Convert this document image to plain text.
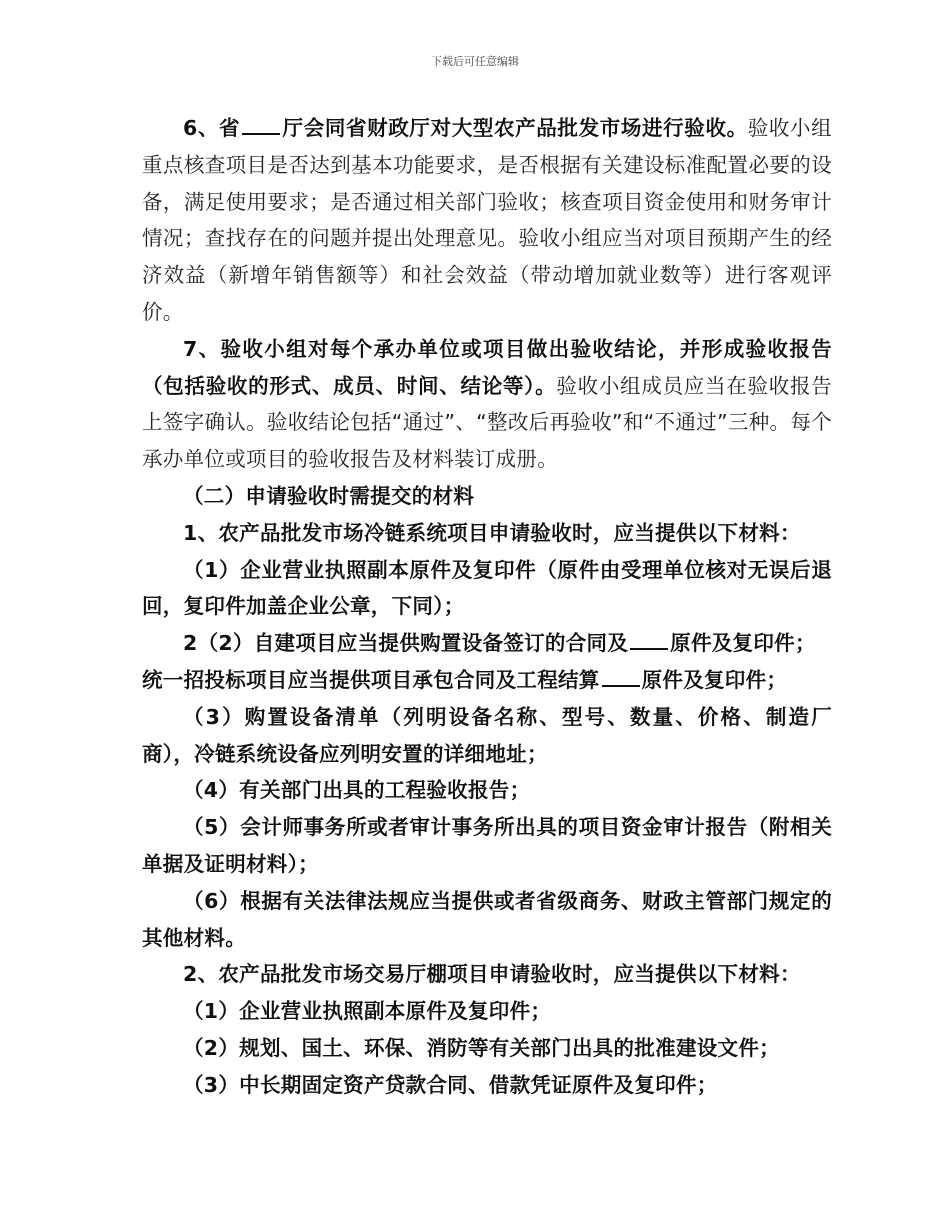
下载后可任意编辑

6、省 厅会同省财政厅对大型农产品批发市场进行验收。验收小组重点核查项目是否达到基本功能要求，是否根据有关建设标准配置必要的设备，满足使用要求；是否通过相关部门验收；核查项目资金使用和财务审计情况；查找存在的问题并提出处理意见。验收小组应当对项目预期产生的经济效益（新增年销售额等）和社会效益（带动增加就业数等）进行客观评价。

7、验收小组对每个承办单位或项目做出验收结论，并形成验收报告（包括验收的形式、成员、时间、结论等）。验收小组成员应当在验收报告上签字确认。验收结论包括“通过”、“整改后再验收”和“不通过”三种。每个承办单位或项目的验收报告及材料装订成册。

（二）申请验收时需提交的材料

1、农产品批发市场冷链系统项目申请验收时，应当提供以下材料：

（1）企业营业执照副本原件及复印件（原件由受理单位核对无误后退回，复印件加盖企业公章，下同）；

2（2）自建项目应当提供购置设备签订的合同及 原件及复印件；

统一招投标项目应当提供项目承包合同及工程结算 原件及复印件；

（3）购置设备清单（列明设备名称、型号、数量、价格、制造厂商），冷链系统设备应列明安置的详细地址；

（4）有关部门出具的工程验收报告；

（5）会计师事务所或者审计事务所出具的项目资金审计报告（附相关单据及证明材料）；

（6）根据有关法律法规应当提供或者省级商务、财政主管部门规定的其他材料。

2、农产品批发市场交易厅棚项目申请验收时，应当提供以下材料：

（1）企业营业执照副本原件及复印件；

（2）规划、国土、环保、消防等有关部门出具的批准建设文件；

（3）中长期固定资产贷款合同、借款凭证原件及复印件；
